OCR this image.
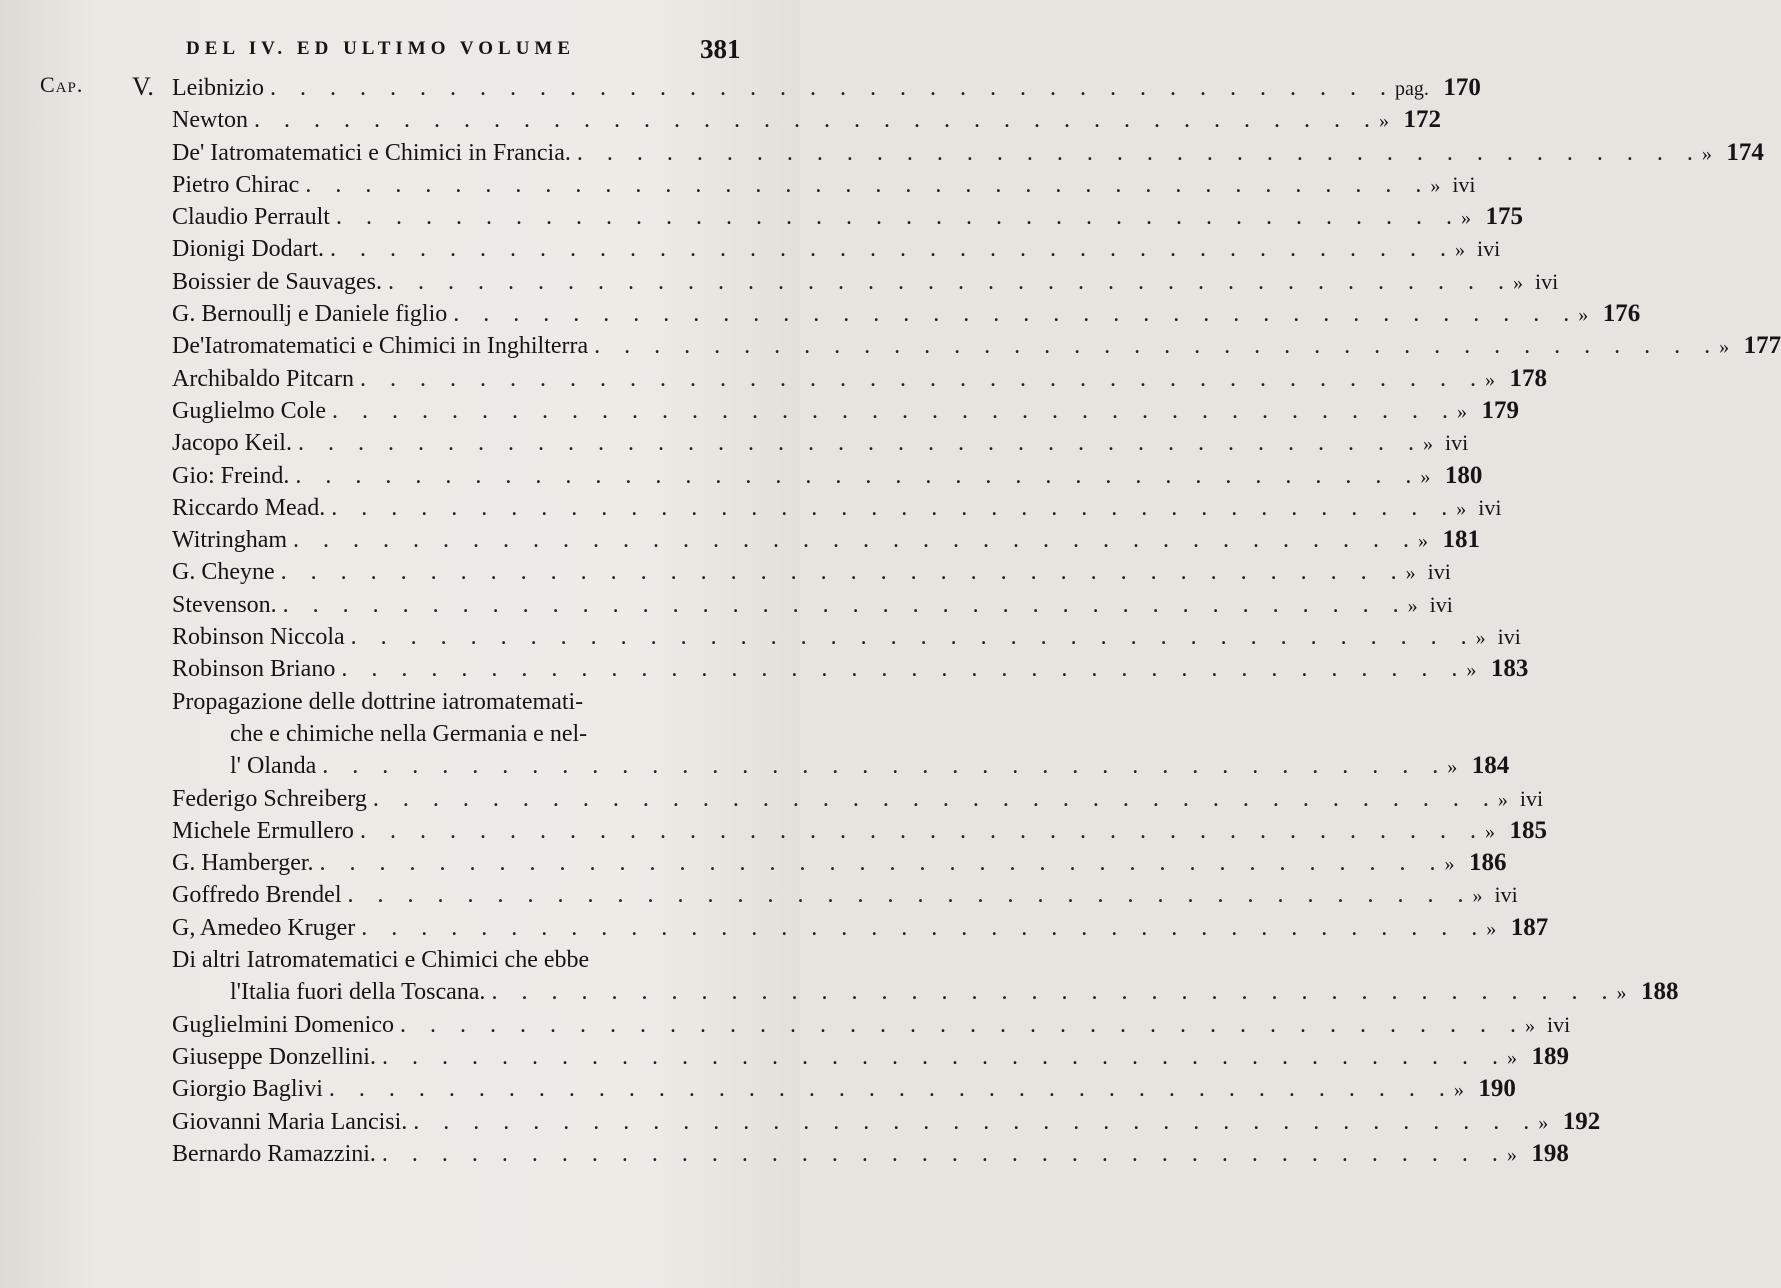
DEL IV. ED ULTIMO VOLUME	381
Cap. V. Leibnizio . . . . . . . . . . . . . . . . . . . . . . . . . . . . . . . . . . . . . . pag. 170
Newton . . . . . . . . . . . . . . . . . . . . . . . . . . . . . . . . . . . . . . » 172
De' Iatromatematici e Chimici in Francia. . . . . . . . . . . . . . . . . . . . . . . . . . . . . . . . . . . . . . . » 174
Pietro Chirac . . . . . . . . . . . . . . . . . . . . . . . . . . . . . . . . . . . . . . » ivi
Claudio Perrault . . . . . . . . . . . . . . . . . . . . . . . . . . . . . . . . . . . . . . » 175
Dionigi Dodart. . . . . . . . . . . . . . . . . . . . . . . . . . . . . . . . . . . . . . . » ivi
Boissier de Sauvages. . . . . . . . . . . . . . . . . . . . . . . . . . . . . . . . . . . . . . . » ivi
G. Bernoullj e Daniele figlio . . . . . . . . . . . . . . . . . . . . . . . . . . . . . . . . . . . . . . » 176
De'Iatromatematici e Chimici in Inghilterra . . . . . . . . . . . . . . . . . . . . . . . . . . . . . . . . . . . . . . » 177
Archibaldo Pitcarn . . . . . . . . . . . . . . . . . . . . . . . . . . . . . . . . . . . . . . » 178
Guglielmo Cole . . . . . . . . . . . . . . . . . . . . . . . . . . . . . . . . . . . . . . » 179
Jacopo Keil. . . . . . . . . . . . . . . . . . . . . . . . . . . . . . . . . . . . . . . » ivi
Gio: Freind. . . . . . . . . . . . . . . . . . . . . . . . . . . . . . . . . . . . . . . » 180
Riccardo Mead. . . . . . . . . . . . . . . . . . . . . . . . . . . . . . . . . . . . . . . » ivi
Witringham . . . . . . . . . . . . . . . . . . . . . . . . . . . . . . . . . . . . . . » 181
G. Cheyne . . . . . . . . . . . . . . . . . . . . . . . . . . . . . . . . . . . . . . » ivi
Stevenson. . . . . . . . . . . . . . . . . . . . . . . . . . . . . . . . . . . . . . . » ivi
Robinson Niccola . . . . . . . . . . . . . . . . . . . . . . . . . . . . . . . . . . . . . . » ivi
Robinson Briano . . . . . . . . . . . . . . . . . . . . . . . . . . . . . . . . . . . . . . » 183
Propagazione delle dottrine iatromatemati-
che e chimiche nella Germania e nel-
l' Olanda . . . . . . . . . . . . . . . . . . . . . . . . . . . . . . . . . . . . . . » 184
Federigo Schreiberg . . . . . . . . . . . . . . . . . . . . . . . . . . . . . . . . . . . . . . » ivi
Michele Ermullero . . . . . . . . . . . . . . . . . . . . . . . . . . . . . . . . . . . . . . » 185
G. Hamberger. . . . . . . . . . . . . . . . . . . . . . . . . . . . . . . . . . . . . . . » 186
Goffredo Brendel . . . . . . . . . . . . . . . . . . . . . . . . . . . . . . . . . . . . . . » ivi
G, Amedeo Kruger . . . . . . . . . . . . . . . . . . . . . . . . . . . . . . . . . . . . . . » 187
Di altri Iatromatematici e Chimici che ebbe
l'Italia fuori della Toscana. . . . . . . . . . . . . . . . . . . . . . . . . . . . . . . . . . . . . . . » 188
Guglielmini Domenico . . . . . . . . . . . . . . . . . . . . . . . . . . . . . . . . . . . . . . » ivi
Giuseppe Donzellini. . . . . . . . . . . . . . . . . . . . . . . . . . . . . . . . . . . . . . . » 189
Giorgio Baglivi . . . . . . . . . . . . . . . . . . . . . . . . . . . . . . . . . . . . . . » 190
Giovanni Maria Lancisi. . . . . . . . . . . . . . . . . . . . . . . . . . . . . . . . . . . . . . . » 192
Bernardo Ramazzini. . . . . . . . . . . . . . . . . . . . . . . . . . . . . . . . . . . . . . . » 198
